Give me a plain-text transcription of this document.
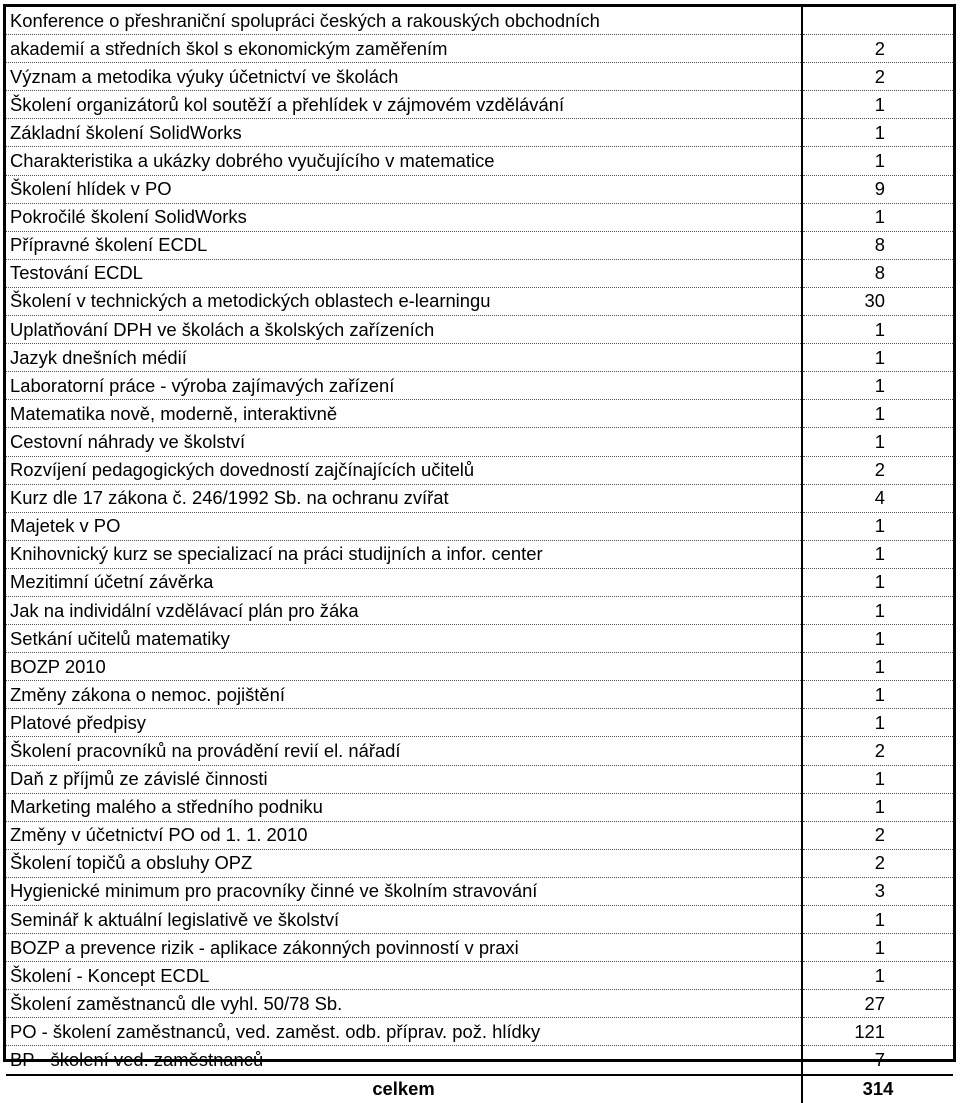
Konference o přeshraniční spolupráci českých a rakouských obchodních	
akademií a středních škol s ekonomickým zaměřením	2
Význam a metodika výuky účetnictví ve školách	2
Školení organizátorů kol soutěží a přehlídek v zájmovém vzdělávání	1
Základní školení SolidWorks	1
Charakteristika a ukázky dobrého vyučujícího v matematice	1
Školení hlídek v PO	9
Pokročilé školení SolidWorks	1
Přípravné školení ECDL	8
Testování ECDL	8
Školení v technických a metodických oblastech e-learningu	30
Uplatňování DPH ve školách a školských zařízeních	1
Jazyk dnešních médií	1
Laboratorní práce - výroba zajímavých zařízení	1
Matematika nově, moderně, interaktivně	1
Cestovní náhrady ve školství	1
Rozvíjení pedagogických dovedností zajčínajících učitelů	2
Kurz dle 17 zákona č. 246/1992 Sb. na ochranu zvířat	4
Majetek v PO	1
Knihovnický kurz se specializací na práci studijních a infor. center	1
Mezitimní účetní závěrka	1
Jak na individální vzdělávací plán pro žáka	1
Setkání učitelů matematiky	1
BOZP 2010	1
Změny zákona o nemoc. pojištění	1
Platové předpisy	1
Školení pracovníků na provádění revií el. nářadí	2
Daň z příjmů ze závislé činnosti	1
Marketing malého a středního podniku	1
Změny v účetnictví PO od 1. 1. 2010	2
Školení topičů a obsluhy OPZ	2
Hygienické minimum pro pracovníky činné ve školním stravování	3
Seminář k aktuální legislativě ve školství	1
BOZP a prevence rizik - aplikace zákonných povinností v praxi	1
Školení - Koncept ECDL	1
Školení zaměstnanců dle vyhl. 50/78 Sb.	27
PO - školení zaměstnanců, ved. zaměst. odb. příprav. pož. hlídky	121
BP - školení ved. zaměstnanců	7
celkem	314
